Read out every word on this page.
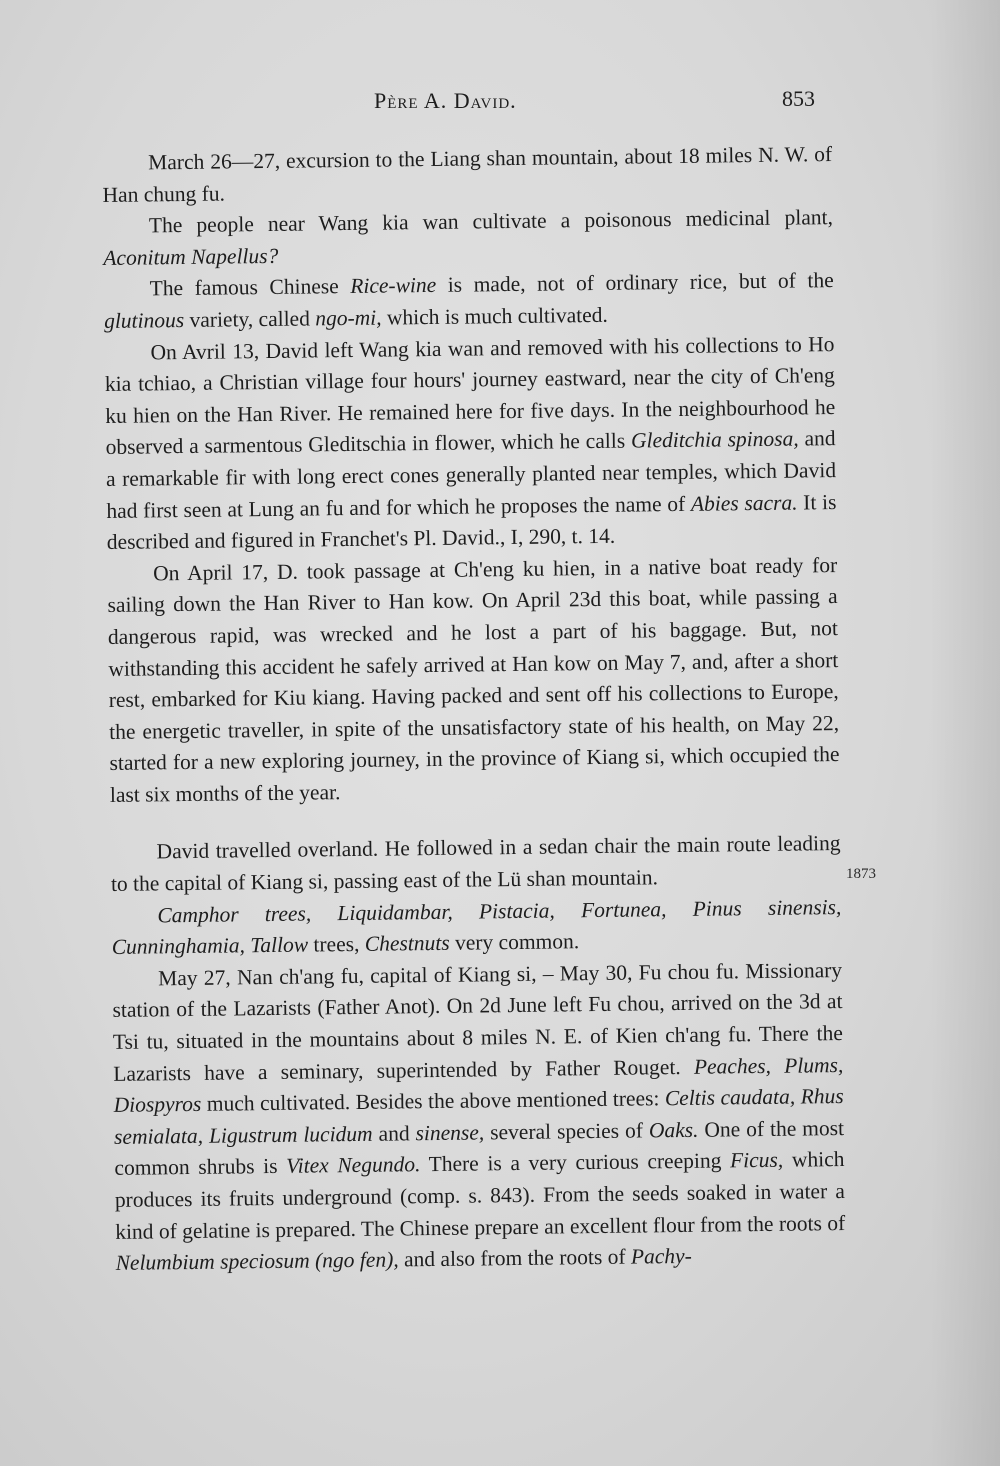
Père A. David.	853
1873

March 26—27, excursion to the Liang shan mountain, about 18 miles N. W. of Han chung fu.

The people near Wang kia wan cultivate a poisonous medicinal plant, Aconitum Napellus?

The famous Chinese Rice-wine is made, not of ordinary rice, but of the glutinous variety, called ngo-mi, which is much cultivated.

On Avril 13, David left Wang kia wan and removed with his collections to Ho kia tchiao, a Christian village four hours' journey eastward, near the city of Ch'eng ku hien on the Han River. He remained here for five days. In the neighbourhood he observed a sarmentous Gleditschia in flower, which he calls Gleditchia spinosa, and a remarkable fir with long erect cones generally planted near temples, which David had first seen at Lung an fu and for which he proposes the name of Abies sacra. It is described and figured in Franchet's Pl. David., I, 290, t. 14.

On April 17, D. took passage at Ch'eng ku hien, in a native boat ready for sailing down the Han River to Han kow. On April 23d this boat, while passing a dangerous rapid, was wrecked and he lost a part of his baggage. But, not withstanding this accident he safely arrived at Han kow on May 7, and, after a short rest, embarked for Kiu kiang. Having packed and sent off his collections to Europe, the energetic traveller, in spite of the unsatisfactory state of his health, on May 22, started for a new exploring journey, in the province of Kiang si, which occupied the last six months of the year.

David travelled overland. He followed in a sedan chair the main route leading to the capital of Kiang si, passing east of the Lü shan mountain.

Camphor trees, Liquidambar, Pistacia, Fortunea, Pinus sinensis, Cunninghamia, Tallow trees, Chestnuts very common.

May 27, Nan ch'ang fu, capital of Kiang si, – May 30, Fu chou fu. Missionary station of the Lazarists (Father Anot). On 2d June left Fu chou, arrived on the 3d at Tsi tu, situated in the mountains about 8 miles N. E. of Kien ch'ang fu. There the Lazarists have a seminary, superintended by Father Rouget. Peaches, Plums, Diospyros much cultivated. Besides the above mentioned trees: Celtis caudata, Rhus semialata, Ligustrum lucidum and sinense, several species of Oaks. One of the most common shrubs is Vitex Negundo. There is a very curious creeping Ficus, which produces its fruits underground (comp. s. 843). From the seeds soaked in water a kind of gelatine is prepared. The Chinese prepare an excellent flour from the roots of Nelumbium speciosum (ngo fen), and also from the roots of Pachy-
